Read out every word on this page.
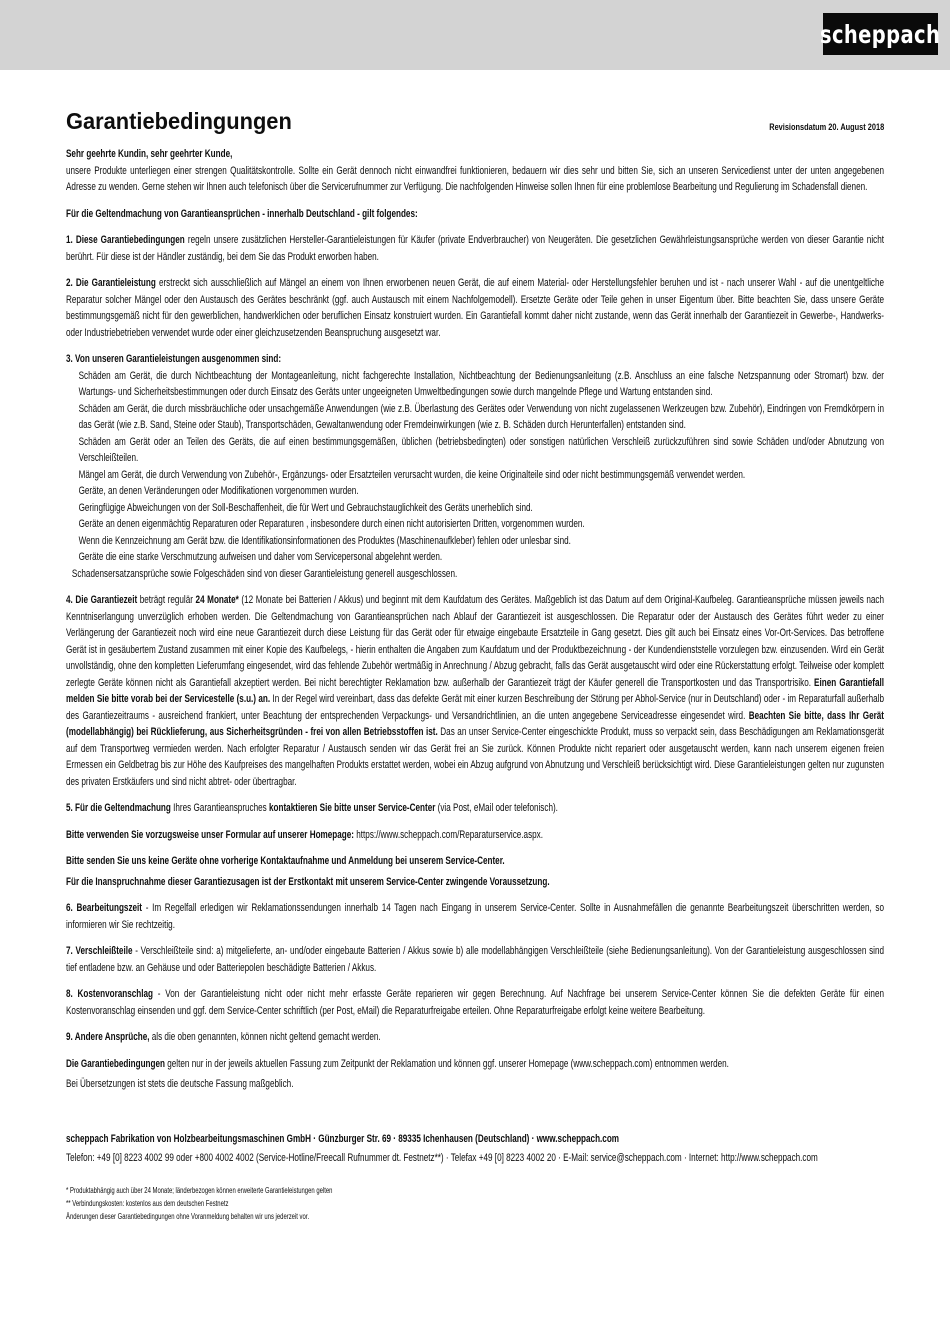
scheppach
Garantiebedingungen	Revisionsdatum 20. August 2018

Sehr geehrte Kundin, sehr geehrter Kunde,

unsere Produkte unterliegen einer strengen Qualitätskontrolle. Sollte ein Gerät dennoch nicht einwandfrei funktionieren, bedauern wir dies sehr und bitten Sie, sich an unseren Servicedienst unter der unten angegebenen Adresse zu wenden. Gerne stehen wir Ihnen auch telefonisch über die Servicerufnummer zur Verfügung. Die nachfolgenden Hinweise sollen Ihnen für eine problemlose Bearbeitung und Regulierung im Schadensfall dienen.

Für die Geltendmachung von Garantieansprüchen - innerhalb Deutschland - gilt folgendes:

1. Diese Garantiebedingungen regeln unsere zusätzlichen Hersteller-Garantieleistungen für Käufer (private Endverbraucher) von Neugeräten. Die gesetzlichen Gewährleistungsansprüche werden von dieser Garantie nicht berührt. Für diese ist der Händler zuständig, bei dem Sie das Produkt erworben haben.

2. Die Garantieleistung erstreckt sich ausschließlich auf Mängel an einem von Ihnen erworbenen neuen Gerät, die auf einem Material- oder Herstellungsfehler beruhen und ist - nach unserer Wahl - auf die unentgeltliche Reparatur solcher Mängel oder den Austausch des Gerätes beschränkt (ggf. auch Austausch mit einem Nachfolgemodell). Ersetzte Geräte oder Teile gehen in unser Eigentum über. Bitte beachten Sie, dass unsere Geräte bestimmungsgemäß nicht für den gewerblichen, handwerklichen oder beruflichen Einsatz konstruiert wurden. Ein Garantiefall kommt daher nicht zustande, wenn das Gerät innerhalb der Garantiezeit in Gewerbe-, Handwerks- oder Industriebetrieben verwendet wurde oder einer gleichzusetzenden Beanspruchung ausgesetzt war.

3. Von unseren Garantieleistungen ausgenommen sind:

Schäden am Gerät, die durch Nichtbeachtung der Montageanleitung, nicht fachgerechte Installation, Nichtbeachtung der Bedienungsanleitung (z.B. Anschluss an eine falsche Netzspannung oder Stromart) bzw. der Wartungs- und Sicherheitsbestimmungen oder durch Einsatz des Geräts unter ungeeigneten Umweltbedingungen sowie durch mangelnde Pflege und Wartung entstanden sind.

Schäden am Gerät, die durch missbräuchliche oder unsachgemäße Anwendungen (wie z.B. Überlastung des Gerätes oder Verwendung von nicht zugelassenen Werkzeugen bzw. Zubehör), Eindringen von Fremdkörpern in das Gerät (wie z.B. Sand, Steine oder Staub), Transportschäden, Gewaltanwendung oder Fremdeinwirkungen (wie z. B. Schäden durch Herunterfallen) entstanden sind.

Schäden am Gerät oder an Teilen des Geräts, die auf einen bestimmungsgemäßen, üblichen (betriebsbedingten) oder sonstigen natürlichen Verschleiß zurückzuführen sind sowie Schäden und/oder Abnutzung von Verschleißteilen.

Mängel am Gerät, die durch Verwendung von Zubehör-, Ergänzungs- oder Ersatzteilen verursacht wurden, die keine Originalteile sind oder nicht bestimmungsgemäß verwendet werden.

Geräte, an denen Veränderungen oder Modifikationen vorgenommen wurden.

Geringfügige Abweichungen von der Soll-Beschaffenheit, die für Wert und Gebrauchstauglichkeit des Geräts unerheblich sind.

Geräte an denen eigenmächtig Reparaturen oder Reparaturen , insbesondere durch einen nicht autorisierten Dritten, vorgenommen wurden.

Wenn die Kennzeichnung am Gerät bzw. die Identifikationsinformationen des Produktes (Maschinenaufkleber) fehlen oder unlesbar sind.

Geräte die eine starke Verschmutzung aufweisen und daher vom Servicepersonal abgelehnt werden.

Schadensersatzansprüche sowie Folgeschäden sind von dieser Garantieleistung generell ausgeschlossen.

4. Die Garantiezeit beträgt regulär 24 Monate* (12 Monate bei Batterien / Akkus) und beginnt mit dem Kaufdatum des Gerätes. Maßgeblich ist das Datum auf dem Original-Kaufbeleg. Garantieansprüche müssen jeweils nach Kenntniserlangung unverzüglich erhoben werden. Die Geltendmachung von Garantieansprüchen nach Ablauf der Garantiezeit ist ausgeschlossen. Die Reparatur oder der Austausch des Gerätes führt weder zu einer Verlängerung der Garantiezeit noch wird eine neue Garantiezeit durch diese Leistung für das Gerät oder für etwaige eingebaute Ersatzteile in Gang gesetzt. Dies gilt auch bei Einsatz eines Vor-Ort-Services. Das betroffene Gerät ist in gesäubertem Zustand zusammen mit einer Kopie des Kaufbelegs, - hierin enthalten die Angaben zum Kaufdatum und der Produktbezeichnung - der Kundendienststelle vorzulegen bzw. einzusenden. Wird ein Gerät unvollständig, ohne den kompletten Lieferumfang eingesendet, wird das fehlende Zubehör wertmäßig in Anrechnung / Abzug gebracht, falls das Gerät ausgetauscht wird oder eine Rückerstattung erfolgt. Teilweise oder komplett zerlegte Geräte können nicht als Garantiefall akzeptiert werden. Bei nicht berechtigter Reklamation bzw. außerhalb der Garantiezeit trägt der Käufer generell die Transportkosten und das Transportrisiko. Einen Garantiefall melden Sie bitte vorab bei der Servicestelle (s.u.) an. In der Regel wird vereinbart, dass das defekte Gerät mit einer kurzen Beschreibung der Störung per Abhol-Service (nur in Deutschland) oder - im Reparaturfall außerhalb des Garantiezeitraums - ausreichend frankiert, unter Beachtung der entsprechenden Verpackungs- und Versandrichtlinien, an die unten angegebene Serviceadresse eingesendet wird. Beachten Sie bitte, dass Ihr Gerät (modellabhängig) bei Rücklieferung, aus Sicherheitsgründen - frei von allen Betriebsstoffen ist. Das an unser Service-Center eingeschickte Produkt, muss so verpackt sein, dass Beschädigungen am Reklamationsgerät auf dem Transportweg vermieden werden. Nach erfolgter Reparatur / Austausch senden wir das Gerät frei an Sie zurück. Können Produkte nicht repariert oder ausgetauscht werden, kann nach unserem eigenen freien Ermessen ein Geldbetrag bis zur Höhe des Kaufpreises des mangelhaften Produkts erstattet werden, wobei ein Abzug aufgrund von Abnutzung und Verschleiß berücksichtigt wird. Diese Garantieleistungen gelten nur zugunsten des privaten Erstkäufers und sind nicht abtret- oder übertragbar.

5. Für die Geltendmachung Ihres Garantieanspruches kontaktieren Sie bitte unser Service-Center (via Post, eMail oder telefonisch).

Bitte verwenden Sie vorzugsweise unser Formular auf unserer Homepage: https://www.scheppach.com/Reparaturservice.aspx.

Bitte senden Sie uns keine Geräte ohne vorherige Kontaktaufnahme und Anmeldung bei unserem Service-Center.

Für die Inanspruchnahme dieser Garantiezusagen ist der Erstkontakt mit unserem Service-Center zwingende Voraussetzung.

6. Bearbeitungszeit - Im Regelfall erledigen wir Reklamationssendungen innerhalb 14 Tagen nach Eingang in unserem Service-Center. Sollte in Ausnahmefällen die genannte Bearbeitungszeit überschritten werden, so informieren wir Sie rechtzeitig.

7. Verschleißteile - Verschleißteile sind: a) mitgelieferte, an- und/oder eingebaute Batterien / Akkus sowie b) alle modellabhängigen Verschleißteile (siehe Bedienungsanleitung). Von der Garantieleistung ausgeschlossen sind tief entladene bzw. an Gehäuse und oder Batteriepolen beschädigte Batterien / Akkus.

8. Kostenvoranschlag - Von der Garantieleistung nicht oder nicht mehr erfasste Geräte reparieren wir gegen Berechnung. Auf Nachfrage bei unserem Service-Center können Sie die defekten Geräte für einen Kostenvoranschlag einsenden und ggf. dem Service-Center schriftlich (per Post, eMail) die Reparaturfreigabe erteilen. Ohne Reparaturfreigabe erfolgt keine weitere Bearbeitung.

9. Andere Ansprüche, als die oben genannten, können nicht geltend gemacht werden.

Die Garantiebedingungen gelten nur in der jeweils aktuellen Fassung zum Zeitpunkt der Reklamation und können ggf. unserer Homepage (www.scheppach.com) entnommen werden.

Bei Übersetzungen ist stets die deutsche Fassung maßgeblich.

scheppach Fabrikation von Holzbearbeitungsmaschinen GmbH · Günzburger Str. 69 · 89335 Ichenhausen (Deutschland) · www.scheppach.com

Telefon: +49 [0] 8223 4002 99 oder +800 4002 4002 (Service-Hotline/Freecall Rufnummer dt. Festnetz**) · Telefax +49 [0] 8223 4002 20 · E-Mail: service@scheppach.com · Internet: http://www.scheppach.com

* Produktabhängig auch über 24 Monate; länderbezogen können erweiterte Garantieleistungen gelten

** Verbindungskosten: kostenlos aus dem deutschen Festnetz

Änderungen dieser Garantiebedingungen ohne Voranmeldung behalten wir uns jederzeit vor.
